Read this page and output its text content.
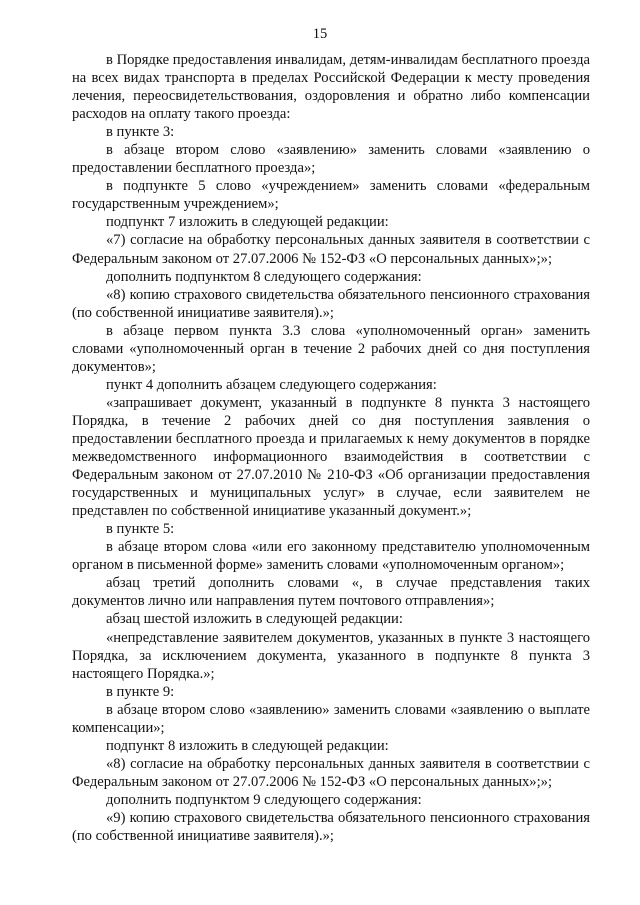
15

в Порядке предоставления инвалидам, детям-инвалидам бесплатного проезда на всех видах транспорта в пределах Российской Федерации к месту проведения лечения, переосвидетельствования, оздоровления и обратно либо компенсации расходов на оплату такого проезда:

в пункте 3:

в абзаце втором слово «заявлению» заменить словами «заявлению о предоставлении бесплатного проезда»;

в подпункте 5 слово «учреждением» заменить словами «федеральным государственным учреждением»;

подпункт 7 изложить в следующей редакции:

«7) согласие на обработку персональных данных заявителя в соответствии с Федеральным законом от 27.07.2006 № 152-ФЗ «О персональных данных»;»;

дополнить подпунктом 8 следующего содержания:

«8) копию страхового свидетельства обязательного пенсионного страхования (по собственной инициативе заявителя).»;

в абзаце первом пункта 3.3 слова «уполномоченный орган» заменить словами «уполномоченный орган в течение 2 рабочих дней со дня поступления документов»;

пункт 4 дополнить абзацем следующего содержания:

«запрашивает документ, указанный в подпункте 8 пункта 3 настоящего Порядка, в течение 2 рабочих дней со дня поступления заявления о предоставлении бесплатного проезда и прилагаемых к нему документов в порядке межведомственного информационного взаимодействия в соответствии с Федеральным законом от 27.07.2010 № 210-ФЗ «Об организации предоставления государственных и муниципальных услуг» в случае, если заявителем не представлен по собственной инициативе указанный документ.»;

в пункте 5:

в абзаце втором слова «или его законному представителю уполномоченным органом в письменной форме» заменить словами «уполномоченным органом»;

абзац третий дополнить словами «, в случае представления таких документов лично или направления путем почтового отправления»;

абзац шестой изложить в следующей редакции:

«непредставление заявителем документов, указанных в пункте 3 настоящего Порядка, за исключением документа, указанного в подпункте 8 пункта 3 настоящего Порядка.»;

в пункте 9:

в абзаце втором слово «заявлению» заменить словами «заявлению о выплате компенсации»;

подпункт 8 изложить в следующей редакции:

«8) согласие на обработку персональных данных заявителя в соответствии с Федеральным законом от 27.07.2006 № 152-ФЗ «О персональных данных»;»;

дополнить подпунктом 9 следующего содержания:

«9) копию страхового свидетельства обязательного пенсионного страхования (по собственной инициативе заявителя).»;
